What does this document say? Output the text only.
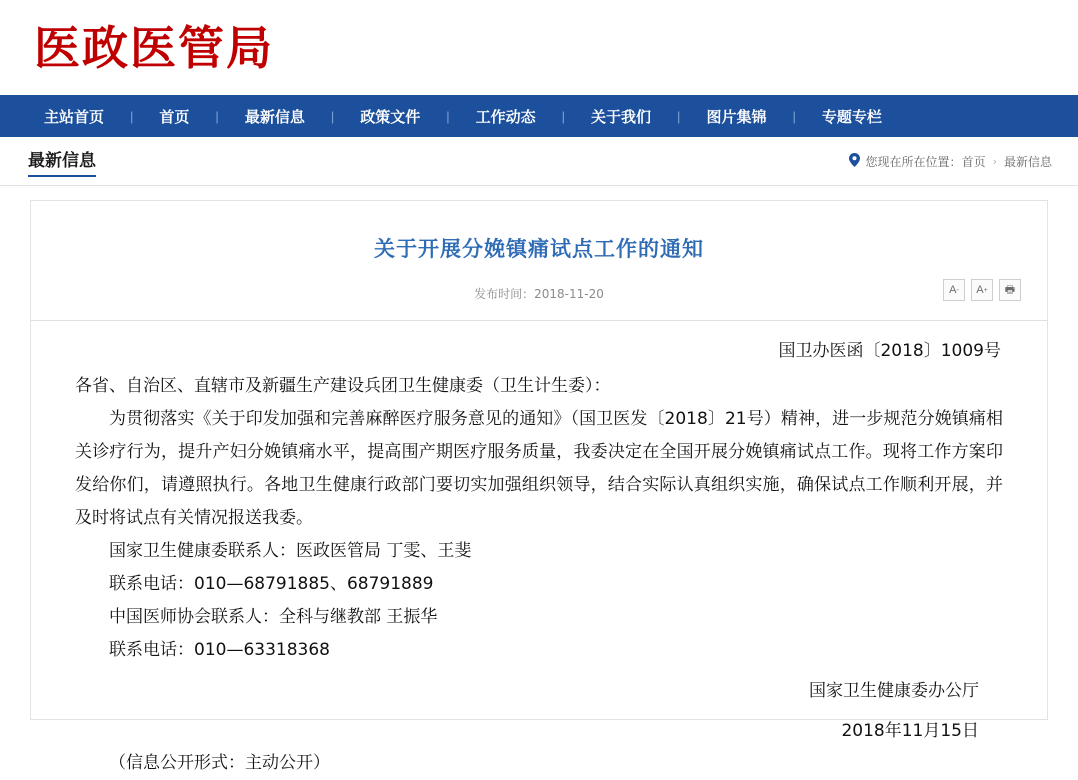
医政医管局
主站首页	|	首页	|	最新信息	|	政策文件	|	工作动态	|	关于我们	|	图片集锦	|	专题专栏
最新信息	您现在所在位置： 首页 › 最新信息
关于开展分娩镇痛试点工作的通知
发布时间：2018-11-20	A - A + 🖶
国卫办医函〔2018〕1009号
各省、自治区、直辖市及新疆生产建设兵团卫生健康委（卫生计生委）：
为贯彻落实《关于印发加强和完善麻醉医疗服务意见的通知》（国卫医发〔2018〕21号）精神，进一步规范分娩镇痛相关诊疗行为，提升产妇分娩镇痛水平，提高围产期医疗服务质量，我委决定在全国开展分娩镇痛试点工作。现将工作方案印发给你们，请遵照执行。各地卫生健康行政部门要切实加强组织领导，结合实际认真组织实施，确保试点工作顺利开展，并及时将试点有关情况报送我委。
国家卫生健康委联系人：医政医管局 丁雯、王斐
联系电话：010—68791885、68791889
中国医师协会联系人：全科与继教部 王振华
联系电话：010—63318368
国家卫生健康委办公厅
2018年11月15日
（信息公开形式：主动公开）
